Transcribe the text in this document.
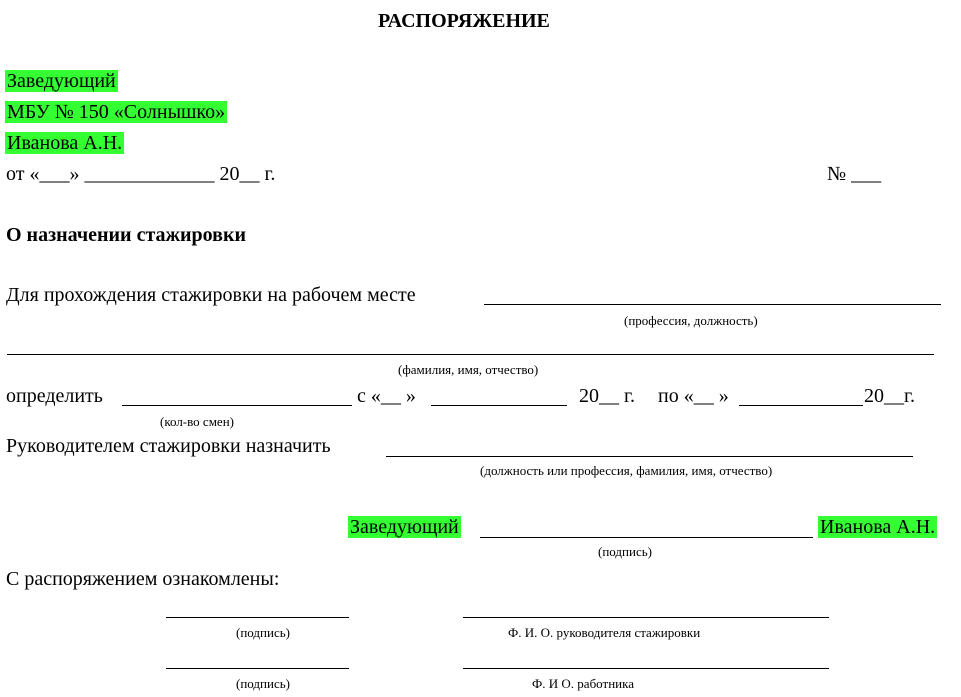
РАСПОРЯЖЕНИЕ
Заведующий
МБУ № 150 «Солнышко»
Иванова А.Н.
от «___» _____________ 20__ г.	№ ___
О назначении стажировки
Для прохождения стажировки на рабочем месте
(профессия, должность)
(фамилия, имя, отчество)
определить
(кол-во смен)
с «__ »	20__ г. по «__ »	20__г.
Руководителем стажировки назначить
(должность или профессия, фамилия, имя, отчество)
Заведующий	Иванова А.Н.
(подпись)
С распоряжением ознакомлены:
(подпись)	Ф. И. О. руководителя стажировки
(подпись)	Ф. И О. работника
